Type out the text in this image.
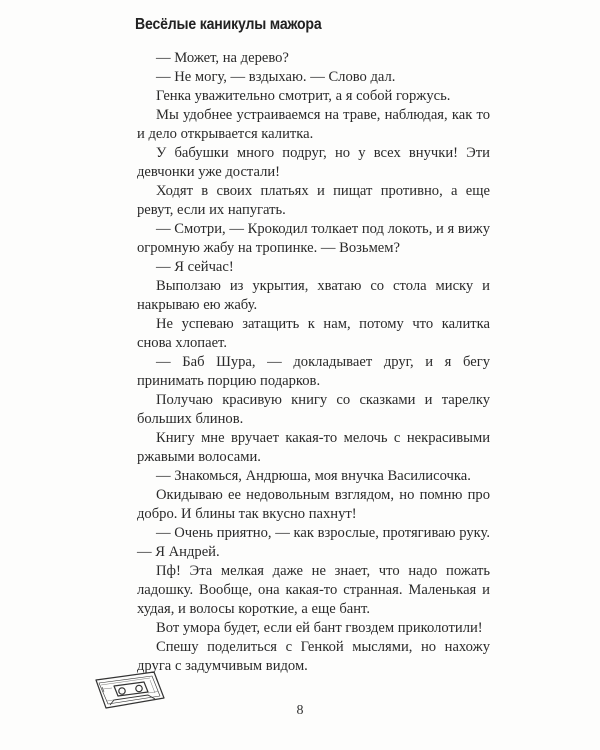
Весёлые каникулы мажора

— Может, на дерево?

— Не могу, — вздыхаю. — Слово дал.

Генка уважительно смотрит, а я собой горжусь.

Мы удобнее устраиваемся на траве, наблюдая, как то и дело открывается калитка.

У бабушки много подруг, но у всех внучки! Эти девчонки уже достали!

Ходят в своих платьях и пищат противно, а еще ревут, если их напугать.

— Смотри, — Крокодил толкает под локоть, и я вижу огромную жабу на тропинке. — Возьмем?

— Я сейчас!

Выползаю из укрытия, хватаю со стола миску и накрываю ею жабу.

Не успеваю затащить к нам, потому что калитка снова хлопает.

— Баб Шура, — докладывает друг, и я бегу принимать порцию подарков.

Получаю красивую книгу со сказками и тарелку больших блинов.

Книгу мне вручает какая-то мелочь с некрасивыми ржавыми волосами.

— Знакомься, Андрюша, моя внучка Василисочка.

Окидываю ее недовольным взглядом, но помню про добро. И блины так вкусно пахнут!

— Очень приятно, — как взрослые, протягиваю руку. — Я Андрей.

Пф! Эта мелкая даже не знает, что надо пожать ладошку. Вообще, она какая-то странная. Маленькая и худая, и волосы короткие, а еще бант.

Вот умора будет, если ей бант гвоздем приколотили!

Спешу поделиться с Генкой мыслями, но нахожу друга с задумчивым видом.

8
